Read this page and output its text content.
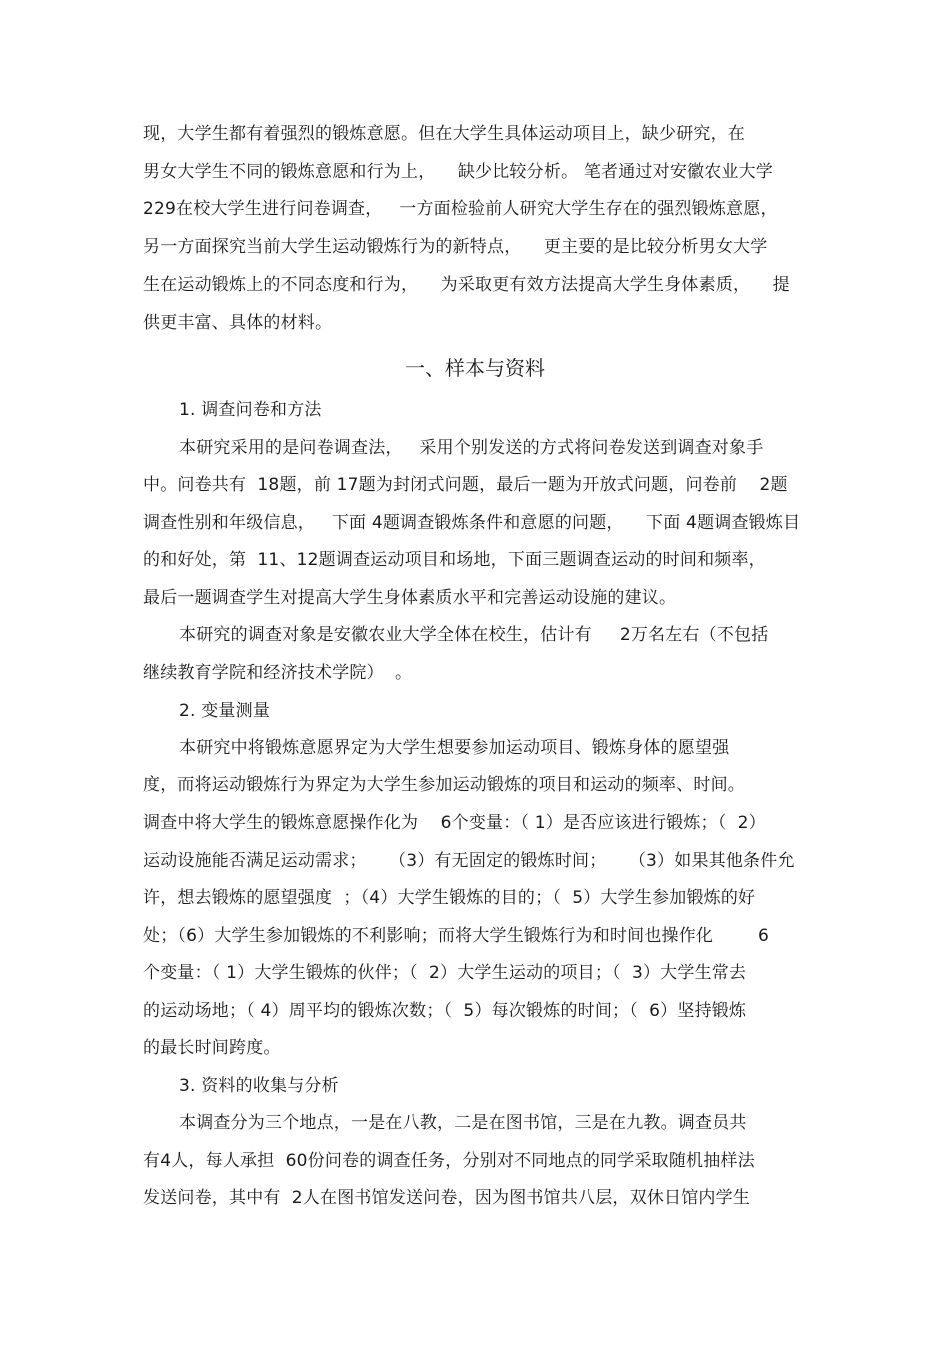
现，大学生都有着强烈的锻炼意愿。但在大学生具体运动项目上，缺少研究，在
男女大学生不同的锻炼意愿和行为上，    缺少比较分析。 笔者通过对安徽农业大学
229在校大学生进行问卷调查，   一方面检验前人研究大学生存在的强烈锻炼意愿，
另一方面探究当前大学生运动锻炼行为的新特点，    更主要的是比较分析男女大学
生在运动锻炼上的不同态度和行为，    为采取更有效方法提高大学生身体素质，    提
供更丰富、具体的材料。
一、样本与资料
1. 调查问卷和方法
本研究采用的是问卷调查法，   采用个别发送的方式将问卷发送到调查对象手
中。问卷共有  18题，前 17题为封闭式问题，最后一题为开放式问题，问卷前    2题
调查性别和年级信息，   下面 4题调查锻炼条件和意愿的问题，    下面 4题调查锻炼目
的和好处，第  11、12题调查运动项目和场地，下面三题调查运动的时间和频率，
最后一题调查学生对提高大学生身体素质水平和完善运动设施的建议。
本研究的调查对象是安徽农业大学全体在校生，估计有     2万名左右（不包括
继续教育学院和经济技术学院）  。
2. 变量测量
本研究中将锻炼意愿界定为大学生想要参加运动项目、锻炼身体的愿望强
度，而将运动锻炼行为界定为大学生参加运动锻炼的项目和运动的频率、时间。
调查中将大学生的锻炼意愿操作化为    6个变量：（ 1）是否应该进行锻炼；（  2）
运动设施能否满足运动需求；    （3）有无固定的锻炼时间；    （3）如果其他条件允
许，想去锻炼的愿望强度  ；（4）大学生锻炼的目的；（  5）大学生参加锻炼的好
处；（6）大学生参加锻炼的不利影响；而将大学生锻炼行为和时间也操作化        6
个变量：（ 1）大学生锻炼的伙伴；（  2）大学生运动的项目；（  3）大学生常去
的运动场地；（ 4）周平均的锻炼次数；（  5）每次锻炼的时间；（  6）坚持锻炼
的最长时间跨度。
3. 资料的收集与分析
本调查分为三个地点，一是在八教，二是在图书馆，三是在九教。调查员共
有4人，每人承担  60份问卷的调查任务，分别对不同地点的同学采取随机抽样法
发送问卷，其中有  2人在图书馆发送问卷，因为图书馆共八层，双休日馆内学生
